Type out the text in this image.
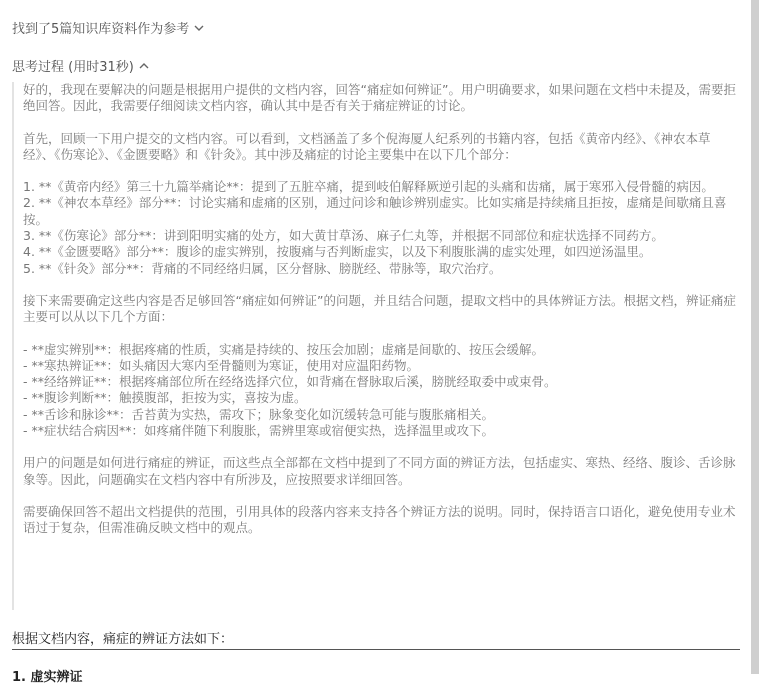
找到了5篇知识库资料作为参考
思考过程 (用时31秒)

好的，我现在要解决的问题是根据用户提供的文档内容，回答“痛症如何辨证”。用户明确要求，如果问题在文档中未提及，需要拒绝回答。因此，我需要仔细阅读文档内容，确认其中是否有关于痛症辨证的讨论。

首先，回顾一下用户提交的文档内容。可以看到，文档涵盖了多个倪海厦人纪系列的书籍内容，包括《黄帝内经》、《神农本草经》、《伤寒论》、《金匮要略》和《针灸》。其中涉及痛症的讨论主要集中在以下几个部分：

1. **《黄帝内经》第三十九篇举痛论**：提到了五脏卒痛，提到岐伯解释厥逆引起的头痛和齿痛，属于寒邪入侵骨髓的病因。

2. **《神农本草经》部分**：讨论实痛和虚痛的区别，通过问诊和触诊辨别虚实。比如实痛是持续痛且拒按，虚痛是间歇痛且喜按。

3. **《伤寒论》部分**：讲到阳明实痛的处方，如大黄甘草汤、麻子仁丸等，并根据不同部位和症状选择不同药方。

4. **《金匮要略》部分**：腹诊的虚实辨别，按腹痛与否判断虚实，以及下利腹胀满的虚实处理，如四逆汤温里。

5. **《针灸》部分**：背痛的不同经络归属，区分督脉、膀胱经、带脉等，取穴治疗。

接下来需要确定这些内容是否足够回答“痛症如何辨证”的问题，并且结合问题，提取文档中的具体辨证方法。根据文档，辨证痛症主要可以从以下几个方面：

- **虚实辨别**：根据疼痛的性质，实痛是持续的、按压会加剧；虚痛是间歇的、按压会缓解。

- **寒热辨证**：如头痛因大寒内至骨髓则为寒证，使用对应温阳药物。

- **经络辨证**：根据疼痛部位所在经络选择穴位，如背痛在督脉取后溪，膀胱经取委中或束骨。

- **腹诊判断**：触摸腹部，拒按为实，喜按为虚。

- **舌诊和脉诊**：舌苔黄为实热，需攻下；脉象变化如沉缓转急可能与腹胀痛相关。

- **症状结合病因**：如疼痛伴随下利腹胀，需辨里寒或宿便实热，选择温里或攻下。

用户的问题是如何进行痛症的辨证，而这些点全部都在文档中提到了不同方面的辨证方法，包括虚实、寒热、经络、腹诊、舌诊脉象等。因此，问题确实在文档内容中有所涉及，应按照要求详细回答。

需要确保回答不超出文档提供的范围，引用具体的段落内容来支持各个辨证方法的说明。同时，保持语言口语化，避免使用专业术语过于复杂，但需准确反映文档中的观点。

根据文档内容，痛症的辨证方法如下：
1. 虚实辨证
